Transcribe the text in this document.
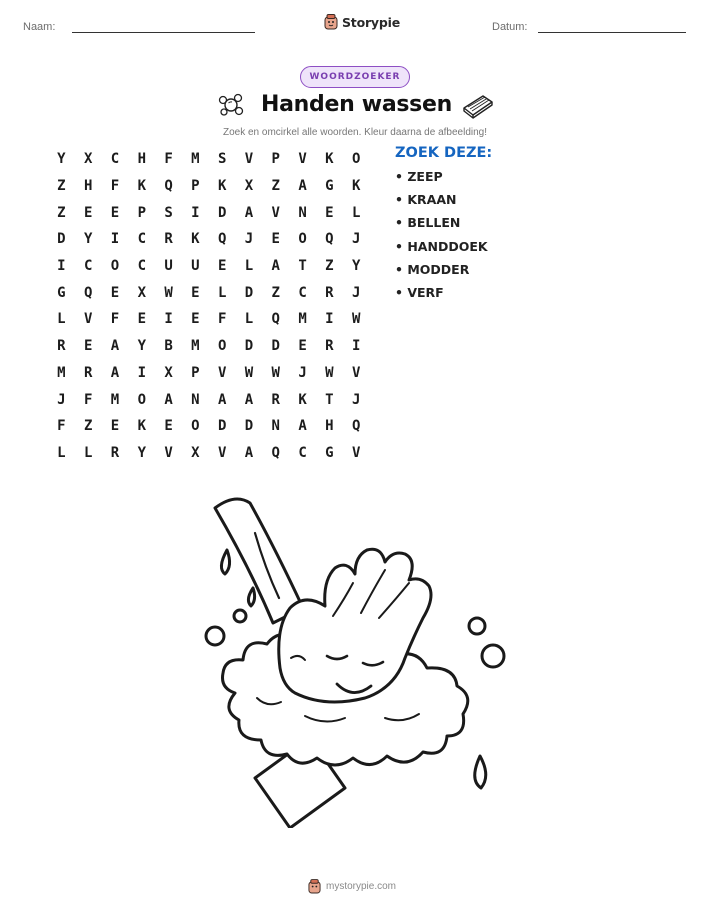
Naam:	Storypie	Datum:
WOORDZOEKER
Handen wassen
Zoek en omcirkel alle woorden. Kleur daarna de afbeelding!
Y	X	C	H	F	M	S	V	P	V	K	O
Z	H	F	K	Q	P	K	X	Z	A	G	K
Z	E	E	P	S	I	D	A	V	N	E	L
D	Y	I	C	R	K	Q	J	E	O	Q	J
I	C	O	C	U	U	E	L	A	T	Z	Y
G	Q	E	X	W	E	L	D	Z	C	R	J
L	V	F	E	I	E	F	L	Q	M	I	W
R	E	A	Y	B	M	O	D	D	E	R	I
M	R	A	I	X	P	V	W	W	J	W	V
J	F	M	O	A	N	A	A	R	K	T	J
F	Z	E	K	E	O	D	D	N	A	H	Q
L	L	R	Y	V	X	V	A	Q	C	G	V
ZOEK DEZE:
• ZEEP
• KRAAN
• BELLEN
• HANDDOEK
• MODDER
• VERF
mystorypie.com
